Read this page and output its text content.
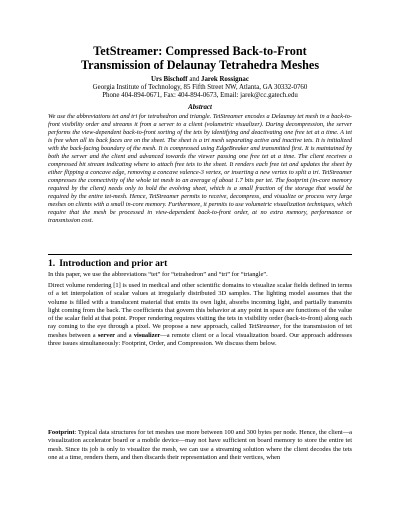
TetStreamer: Compressed Back-to-Front
Transmission of Delaunay Tetrahedra Meshes
Urs Bischoff and Jarek Rossignac
Georgia Institute of Technology, 85 Fifth Street NW, Atlanta, GA 30332-0760
Phone 404-894-0671, Fax: 404-894-0673, Email: jarek@cc.gatech.edu
Abstract

We use the abbreviations tet and tri for tetrahedron and triangle. TetStreamer encodes a Delaunay tet mesh in a back-to-front visibility order and streams it from a server to a client (volumetric visualizer). During decompression, the server performs the view-dependent back-to-front sorting of the tets by identifying and deactivating one free tet at a time. A tet is free when all its back faces are on the sheet. The sheet is a tri mesh separating active and inactive tets. It is initialized with the back-facing boundary of the mesh. It is compressed using EdgeBreaker and transmitted first. It is maintained by both the server and the client and advanced towards the viewer passing one free tet at a time. The client receives a compressed bit stream indicating where to attach free tets to the sheet. It renders each free tet and updates the sheet by either flipping a concave edge, removing a concave valence-3 vertex, or inserting a new vertex to split a tri. TetStreamer compresses the connectivity of the whole tet mesh to an average of about 1.7 bits per tet. The footprint (in-core memory required by the client) needs only to hold the evolving sheet, which is a small fraction of the storage that would be required by the entire tet-mesh. Hence, TetStreamer permits to receive, decompress, and visualize or process very large meshes on clients with a small in-core memory. Furthermore, it permits to use volumetric visualization techniques, which require that the mesh be processed in view-dependent back-to-front order, at no extra memory, performance or transmission cost.

1. Introduction and prior art

In this paper, we use the abbreviations “tet” for “tetrahedron” and “tri” for “triangle”.

Direct volume rendering [1] is used in medical and other scientific domains to visualize scalar fields defined in terms of a tet interpolation of scalar values at irregularly distributed 3D samples. The lighting model assumes that the volume is filled with a translucent material that emits its own light, absorbs incoming light, and partially transmits light coming from the back. The coefficients that govern this behavior at any point in space are functions of the value of the scalar field at that point. Proper rendering requires visiting the tets in visibility order (back-to-front) along each ray coming to the eye through a pixel. We propose a new approach, called TetStreamer, for the transmission of tet meshes between a server and a visualizer—a remote client or a local visualization board. Our approach addresses three issues simultaneously: Footprint, Order, and Compression. We discuss them below.

Footprint: Typical data structures for tet meshes use more between 100 and 300 bytes per node. Hence, the client—a visualization accelerator board or a mobile device—may not have sufficient on board memory to store the entire tet mesh. Since its job is only to visualize the mesh, we can use a streaming solution where the client decodes the tets one at a time, renders them, and then discards their representation and their vertices, when
